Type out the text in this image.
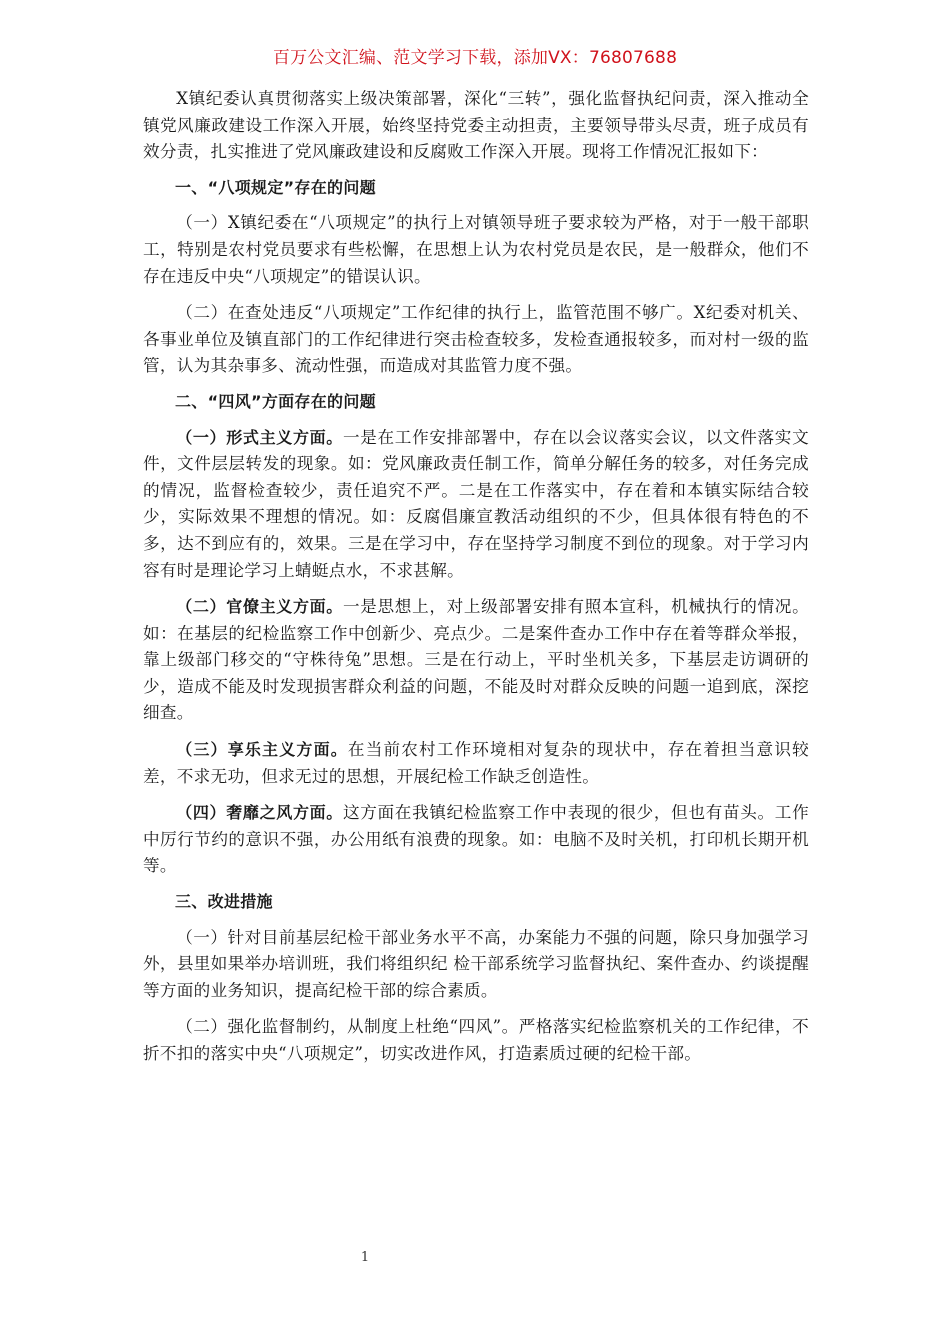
百万公文汇编、范文学习下载，添加VX：76807688

X镇纪委认真贯彻落实上级决策部署，深化“三转”，强化监督执纪问责，深入推动全镇党风廉政建设工作深入开展，始终坚持党委主动担责，主要领导带头尽责，班子成员有效分责，扎实推进了党风廉政建设和反腐败工作深入开展。现将工作情况汇报如下：

一、“八项规定”存在的问题

（一）X镇纪委在“八项规定”的执行上对镇领导班子要求较为严格，对于一般干部职工，特别是农村党员要求有些松懈，在思想上认为农村党员是农民，是一般群众，他们不存在违反中央“八项规定”的错误认识。

（二）在查处违反“八项规定”工作纪律的执行上，监管范围不够广。X纪委对机关、各事业单位及镇直部门的工作纪律进行突击检查较多，发检查通报较多，而对村一级的监管，认为其杂事多、流动性强，而造成对其监管力度不强。

二、“四风”方面存在的问题

（一）形式主义方面。一是在工作安排部署中，存在以会议落实会议，以文件落实文件，文件层层转发的现象。如：党风廉政责任制工作，简单分解任务的较多，对任务完成的情况，监督检查较少，责任追究不严。二是在工作落实中，存在着和本镇实际结合较少，实际效果不理想的情况。如：反腐倡廉宣教活动组织的不少，但具体很有特色的不多，达不到应有的，效果。三是在学习中，存在坚持学习制度不到位的现象。对于学习内容有时是理论学习上蜻蜓点水，不求甚解。

（二）官僚主义方面。一是思想上，对上级部署安排有照本宣科，机械执行的情况。如：在基层的纪检监察工作中创新少、亮点少。二是案件查办工作中存在着等群众举报，靠上级部门移交的“守株待兔”思想。三是在行动上，平时坐机关多，下基层走访调研的少，造成不能及时发现损害群众利益的问题，不能及时对群众反映的问题一追到底，深挖细查。

（三）享乐主义方面。在当前农村工作环境相对复杂的现状中，存在着担当意识较差，不求无功，但求无过的思想，开展纪检工作缺乏创造性。

（四）奢靡之风方面。这方面在我镇纪检监察工作中表现的很少，但也有苗头。工作中厉行节约的意识不强，办公用纸有浪费的现象。如：电脑不及时关机，打印机长期开机等。

三、改进措施

（一）针对目前基层纪检干部业务水平不高，办案能力不强的问题，除只身加强学习外，县里如果举办培训班，我们将组织纪 检干部系统学习监督执纪、案件查办、约谈提醒等方面的业务知识，提高纪检干部的综合素质。

（二）强化监督制约，从制度上杜绝“四风”。严格落实纪检监察机关的工作纪律，不折不扣的落实中央“八项规定”，切实改进作风，打造素质过硬的纪检干部。

1
